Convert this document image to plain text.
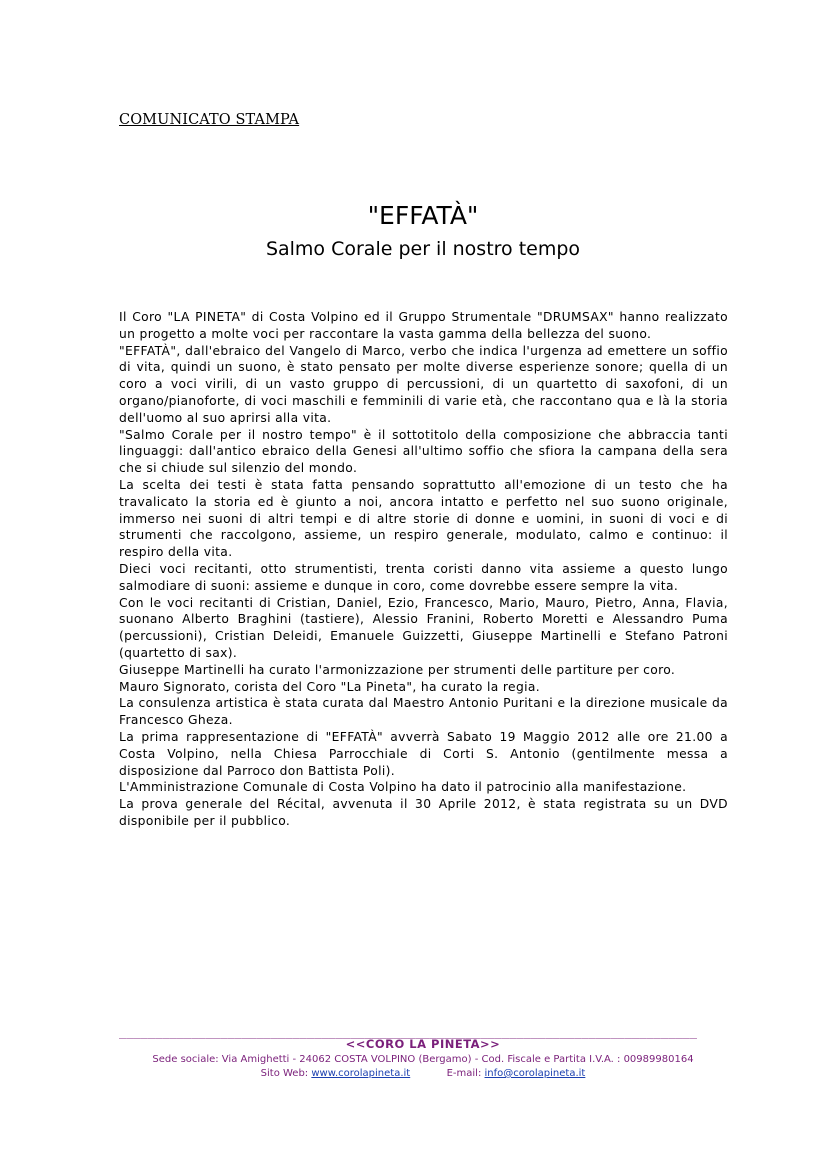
COMUNICATO STAMPA
"EFFATÀ"
Salmo Corale per il nostro tempo

Il Coro "LA PINETA" di Costa Volpino ed il Gruppo Strumentale "DRUMSAX" hanno realizzato un progetto a molte voci per raccontare la vasta gamma della bellezza del suono.

"EFFATÀ", dall'ebraico del Vangelo di Marco, verbo che indica l'urgenza ad emettere un soffio di vita, quindi un suono, è stato pensato per molte diverse esperienze sonore; quella di un coro a voci virili, di un vasto gruppo di percussioni, di un quartetto di saxofoni, di un organo/pianoforte, di voci maschili e femminili di varie età, che raccontano qua e là la storia dell'uomo al suo aprirsi alla vita.

"Salmo Corale per il nostro tempo" è il sottotitolo della composizione che abbraccia tanti linguaggi: dall'antico ebraico della Genesi all'ultimo soffio che sfiora la campana della sera che si chiude sul silenzio del mondo.

La scelta dei testi è stata fatta pensando soprattutto all'emozione di un testo che ha travalicato la storia ed è giunto a noi, ancora intatto e perfetto nel suo suono originale, immerso nei suoni di altri tempi e di altre storie di donne e uomini, in suoni di voci e di strumenti che raccolgono, assieme, un respiro generale, modulato, calmo e continuo: il respiro della vita.

Dieci voci recitanti, otto strumentisti, trenta coristi danno vita assieme a questo lungo salmodiare di suoni: assieme e dunque in coro, come dovrebbe essere sempre la vita.

Con le voci recitanti di Cristian, Daniel, Ezio, Francesco, Mario, Mauro, Pietro, Anna, Flavia, suonano Alberto Braghini (tastiere), Alessio Franini, Roberto Moretti e Alessandro Puma (percussioni), Cristian Deleidi, Emanuele Guizzetti, Giuseppe Martinelli e Stefano Patroni (quartetto di sax).

Giuseppe Martinelli ha curato l'armonizzazione per strumenti delle partiture per coro.

Mauro Signorato, corista del Coro "La Pineta", ha curato la regia.

La consulenza artistica è stata curata dal Maestro Antonio Puritani e la direzione musicale da Francesco Gheza.

La prima rappresentazione di "EFFATÀ" avverrà Sabato 19 Maggio 2012 alle ore 21.00 a Costa Volpino, nella Chiesa Parrocchiale di Corti S. Antonio (gentilmente messa a disposizione dal Parroco don Battista Poli).

L'Amministrazione Comunale di Costa Volpino ha dato il patrocinio alla manifestazione.

La prova generale del Récital, avvenuta il 30 Aprile 2012, è stata registrata su un DVD disponibile per il pubblico.

________________________________________________________________________________
<<CORO LA PINETA>>
Sede sociale: Via Amighetti - 24062 COSTA VOLPINO (Bergamo) - Cod. Fiscale e Partita I.V.A. : 00989980164
Sito Web: www.corolapineta.it	E-mail: info@corolapineta.it
